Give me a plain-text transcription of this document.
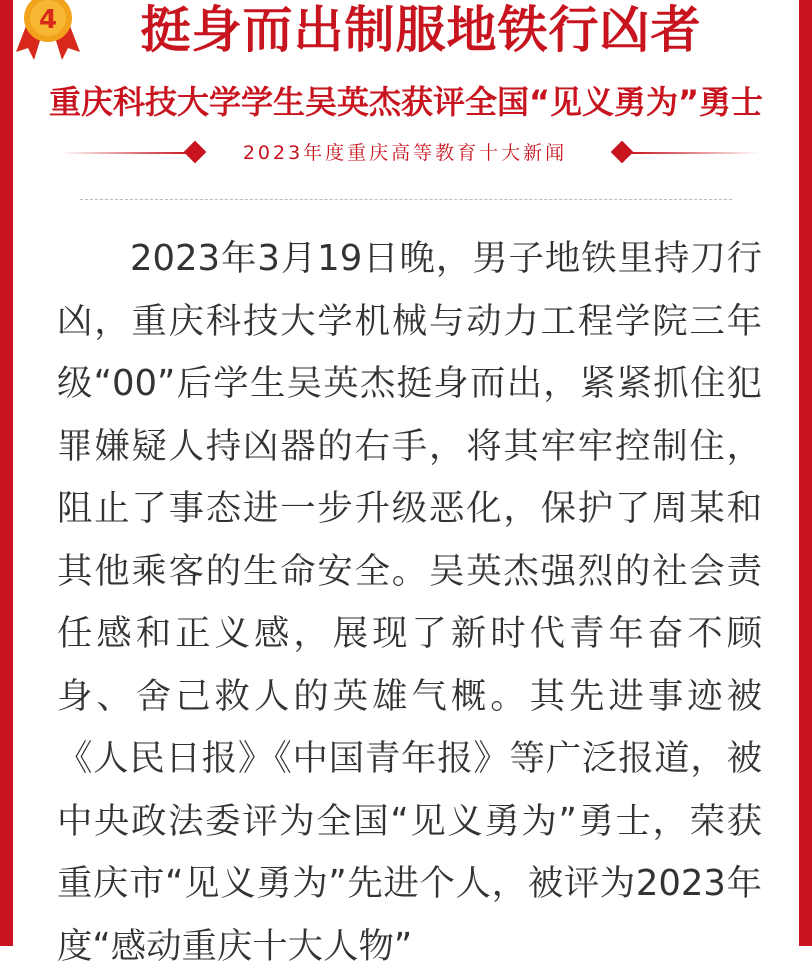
4	挺身而出制服地铁行凶者
重庆科技大学学生吴英杰获评全国“见义勇为”勇士
2023年度重庆高等教育十大新闻

2023年3月19日晚，男子地铁里持刀行凶，重庆科技大学机械与动力工程学院三年级“00”后学生吴英杰挺身而出，紧紧抓住犯罪嫌疑人持凶器的右手，将其牢牢控制住，阻止了事态进一步升级恶化，保护了周某和其他乘客的生命安全。吴英杰强烈的社会责任感和正义感，展现了新时代青年奋不顾身、舍己救人的英雄气概。其先进事迹被《人民日报》《中国青年报》等广泛报道，被中央政法委评为全国“见义勇为”勇士，荣获重庆市“见义勇为”先进个人，被评为2023年度“感动重庆十大人物”
